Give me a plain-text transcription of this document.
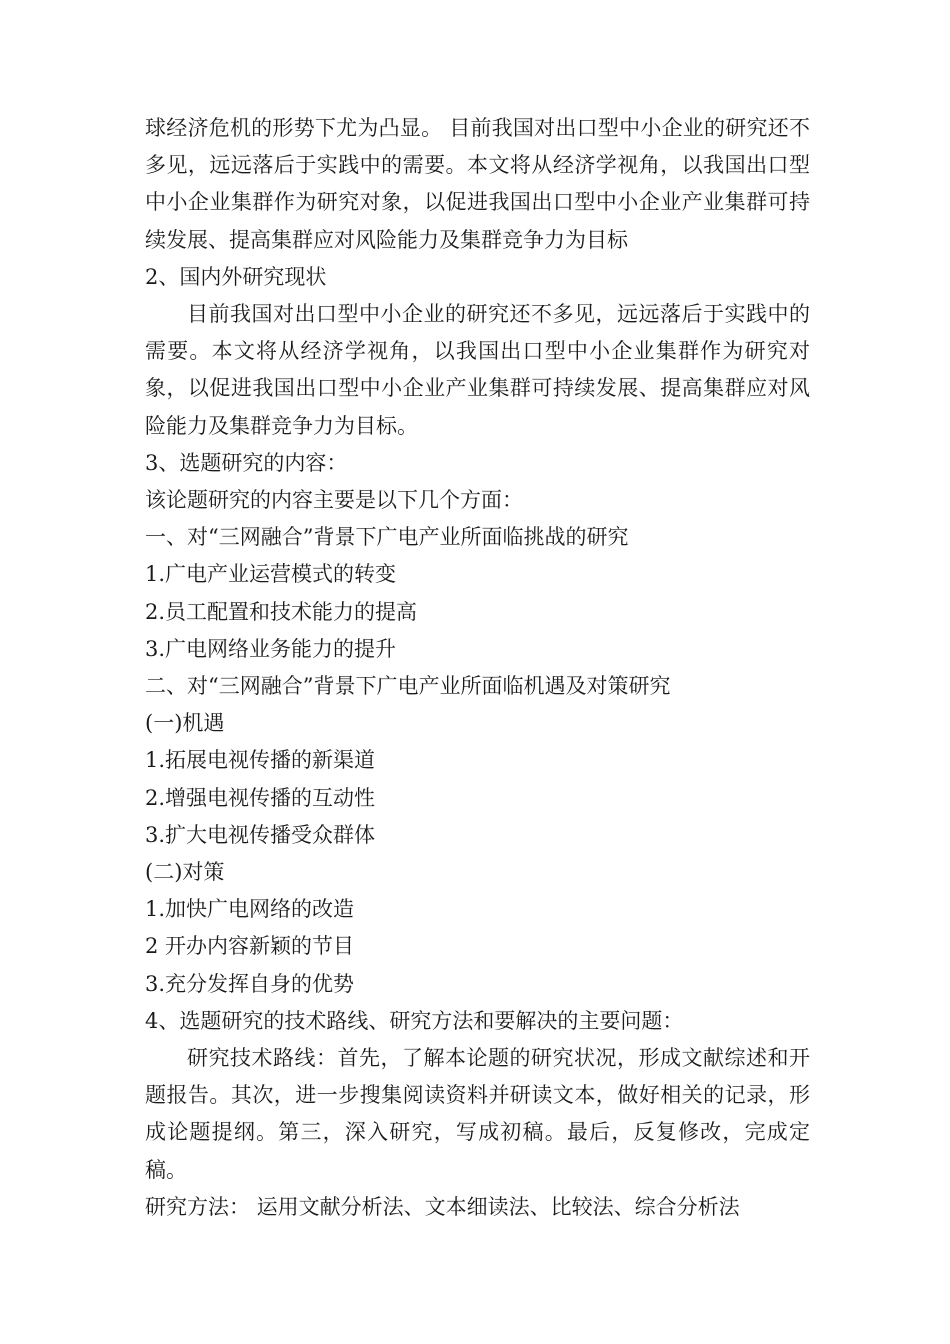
球经济危机的形势下尤为凸显。 目前我国对出口型中小企业的研究还不多见，远远落后于实践中的需要。本文将从经济学视角，以我国出口型中小企业集群作为研究对象，以促进我国出口型中小企业产业集群可持续发展、提高集群应对风险能力及集群竞争力为目标

2、国内外研究现状

目前我国对出口型中小企业的研究还不多见，远远落后于实践中的需要。本文将从经济学视角，以我国出口型中小企业集群作为研究对象，以促进我国出口型中小企业产业集群可持续发展、提高集群应对风险能力及集群竞争力为目标。

3、选题研究的内容：

该论题研究的内容主要是以下几个方面：

一、对“三网融合”背景下广电产业所面临挑战的研究

1.广电产业运营模式的转变

2.员工配置和技术能力的提高

3.广电网络业务能力的提升

二、对“三网融合”背景下广电产业所面临机遇及对策研究

(一)机遇

1.拓展电视传播的新渠道

2.增强电视传播的互动性

3.扩大电视传播受众群体

(二)对策

1.加快广电网络的改造

2 开办内容新颖的节目

3.充分发挥自身的优势

4、选题研究的技术路线、研究方法和要解决的主要问题：

研究技术路线：首先，了解本论题的研究状况，形成文献综述和开题报告。其次，进一步搜集阅读资料并研读文本，做好相关的记录，形成论题提纲。第三，深入研究，写成初稿。最后，反复修改，完成定稿。

研究方法： 运用文献分析法、文本细读法、比较法、综合分析法
